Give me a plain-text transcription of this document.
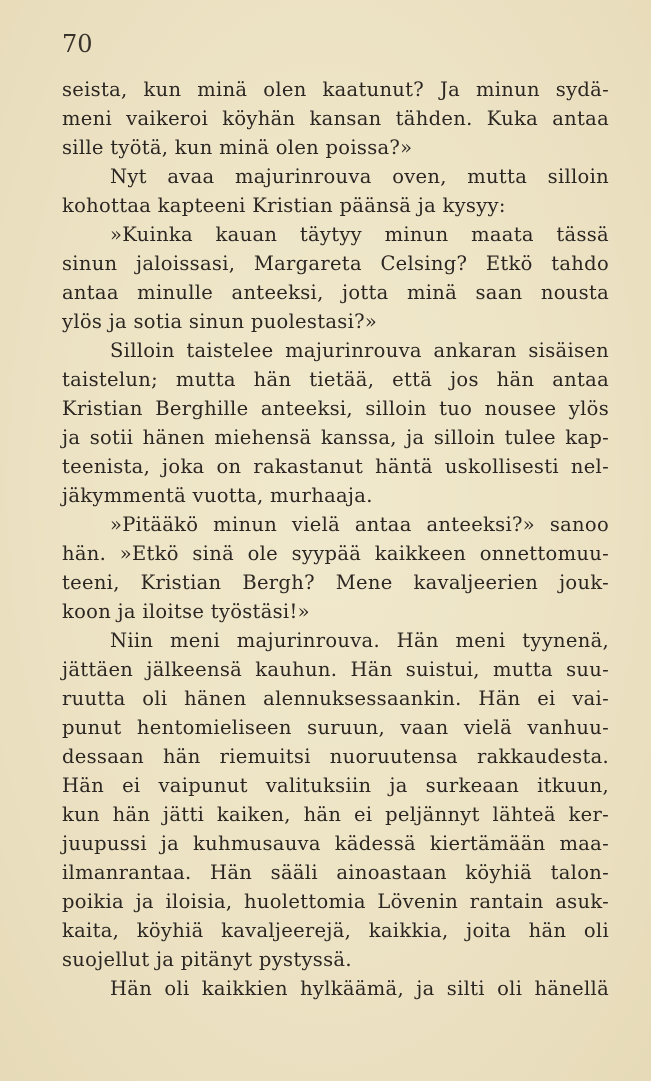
70
seista, kun minä olen kaatunut? Ja minun sydä-
meni vaikeroi köyhän kansan tähden. Kuka antaa
sille työtä, kun minä olen poissa?»
Nyt avaa majurinrouva oven, mutta silloin
kohottaa kapteeni Kristian päänsä ja kysyy:
»Kuinka kauan täytyy minun maata tässä
sinun jaloissasi, Margareta Celsing? Etkö tahdo
antaa minulle anteeksi, jotta minä saan nousta
ylös ja sotia sinun puolestasi?»
Silloin taistelee majurinrouva ankaran sisäisen
taistelun; mutta hän tietää, että jos hän antaa
Kristian Berghille anteeksi, silloin tuo nousee ylös
ja sotii hänen miehensä kanssa, ja silloin tulee kap-
teenista, joka on rakastanut häntä uskollisesti nel-
jäkymmentä vuotta, murhaaja.
»Pitääkö minun vielä antaa anteeksi?» sanoo
hän. »Etkö sinä ole syypää kaikkeen onnettomuu-
teeni, Kristian Bergh? Mene kavaljeerien jouk-
koon ja iloitse työstäsi!»
Niin meni majurinrouva. Hän meni tyynenä,
jättäen jälkeensä kauhun. Hän suistui, mutta suu-
ruutta oli hänen alennuksessaankin. Hän ei vai-
punut hentomieliseen suruun, vaan vielä vanhuu-
dessaan hän riemuitsi nuoruutensa rakkaudesta.
Hän ei vaipunut valituksiin ja surkeaan itkuun,
kun hän jätti kaiken, hän ei peljännyt lähteä ker-
juupussi ja kuhmusauva kädessä kiertämään maa-
ilmanrantaa. Hän sääli ainoastaan köyhiä talon-
poikia ja iloisia, huolettomia Lövenin rantain asuk-
kaita, köyhiä kavaljeerejä, kaikkia, joita hän oli
suojellut ja pitänyt pystyssä.
Hän oli kaikkien hylkäämä, ja silti oli hänellä
